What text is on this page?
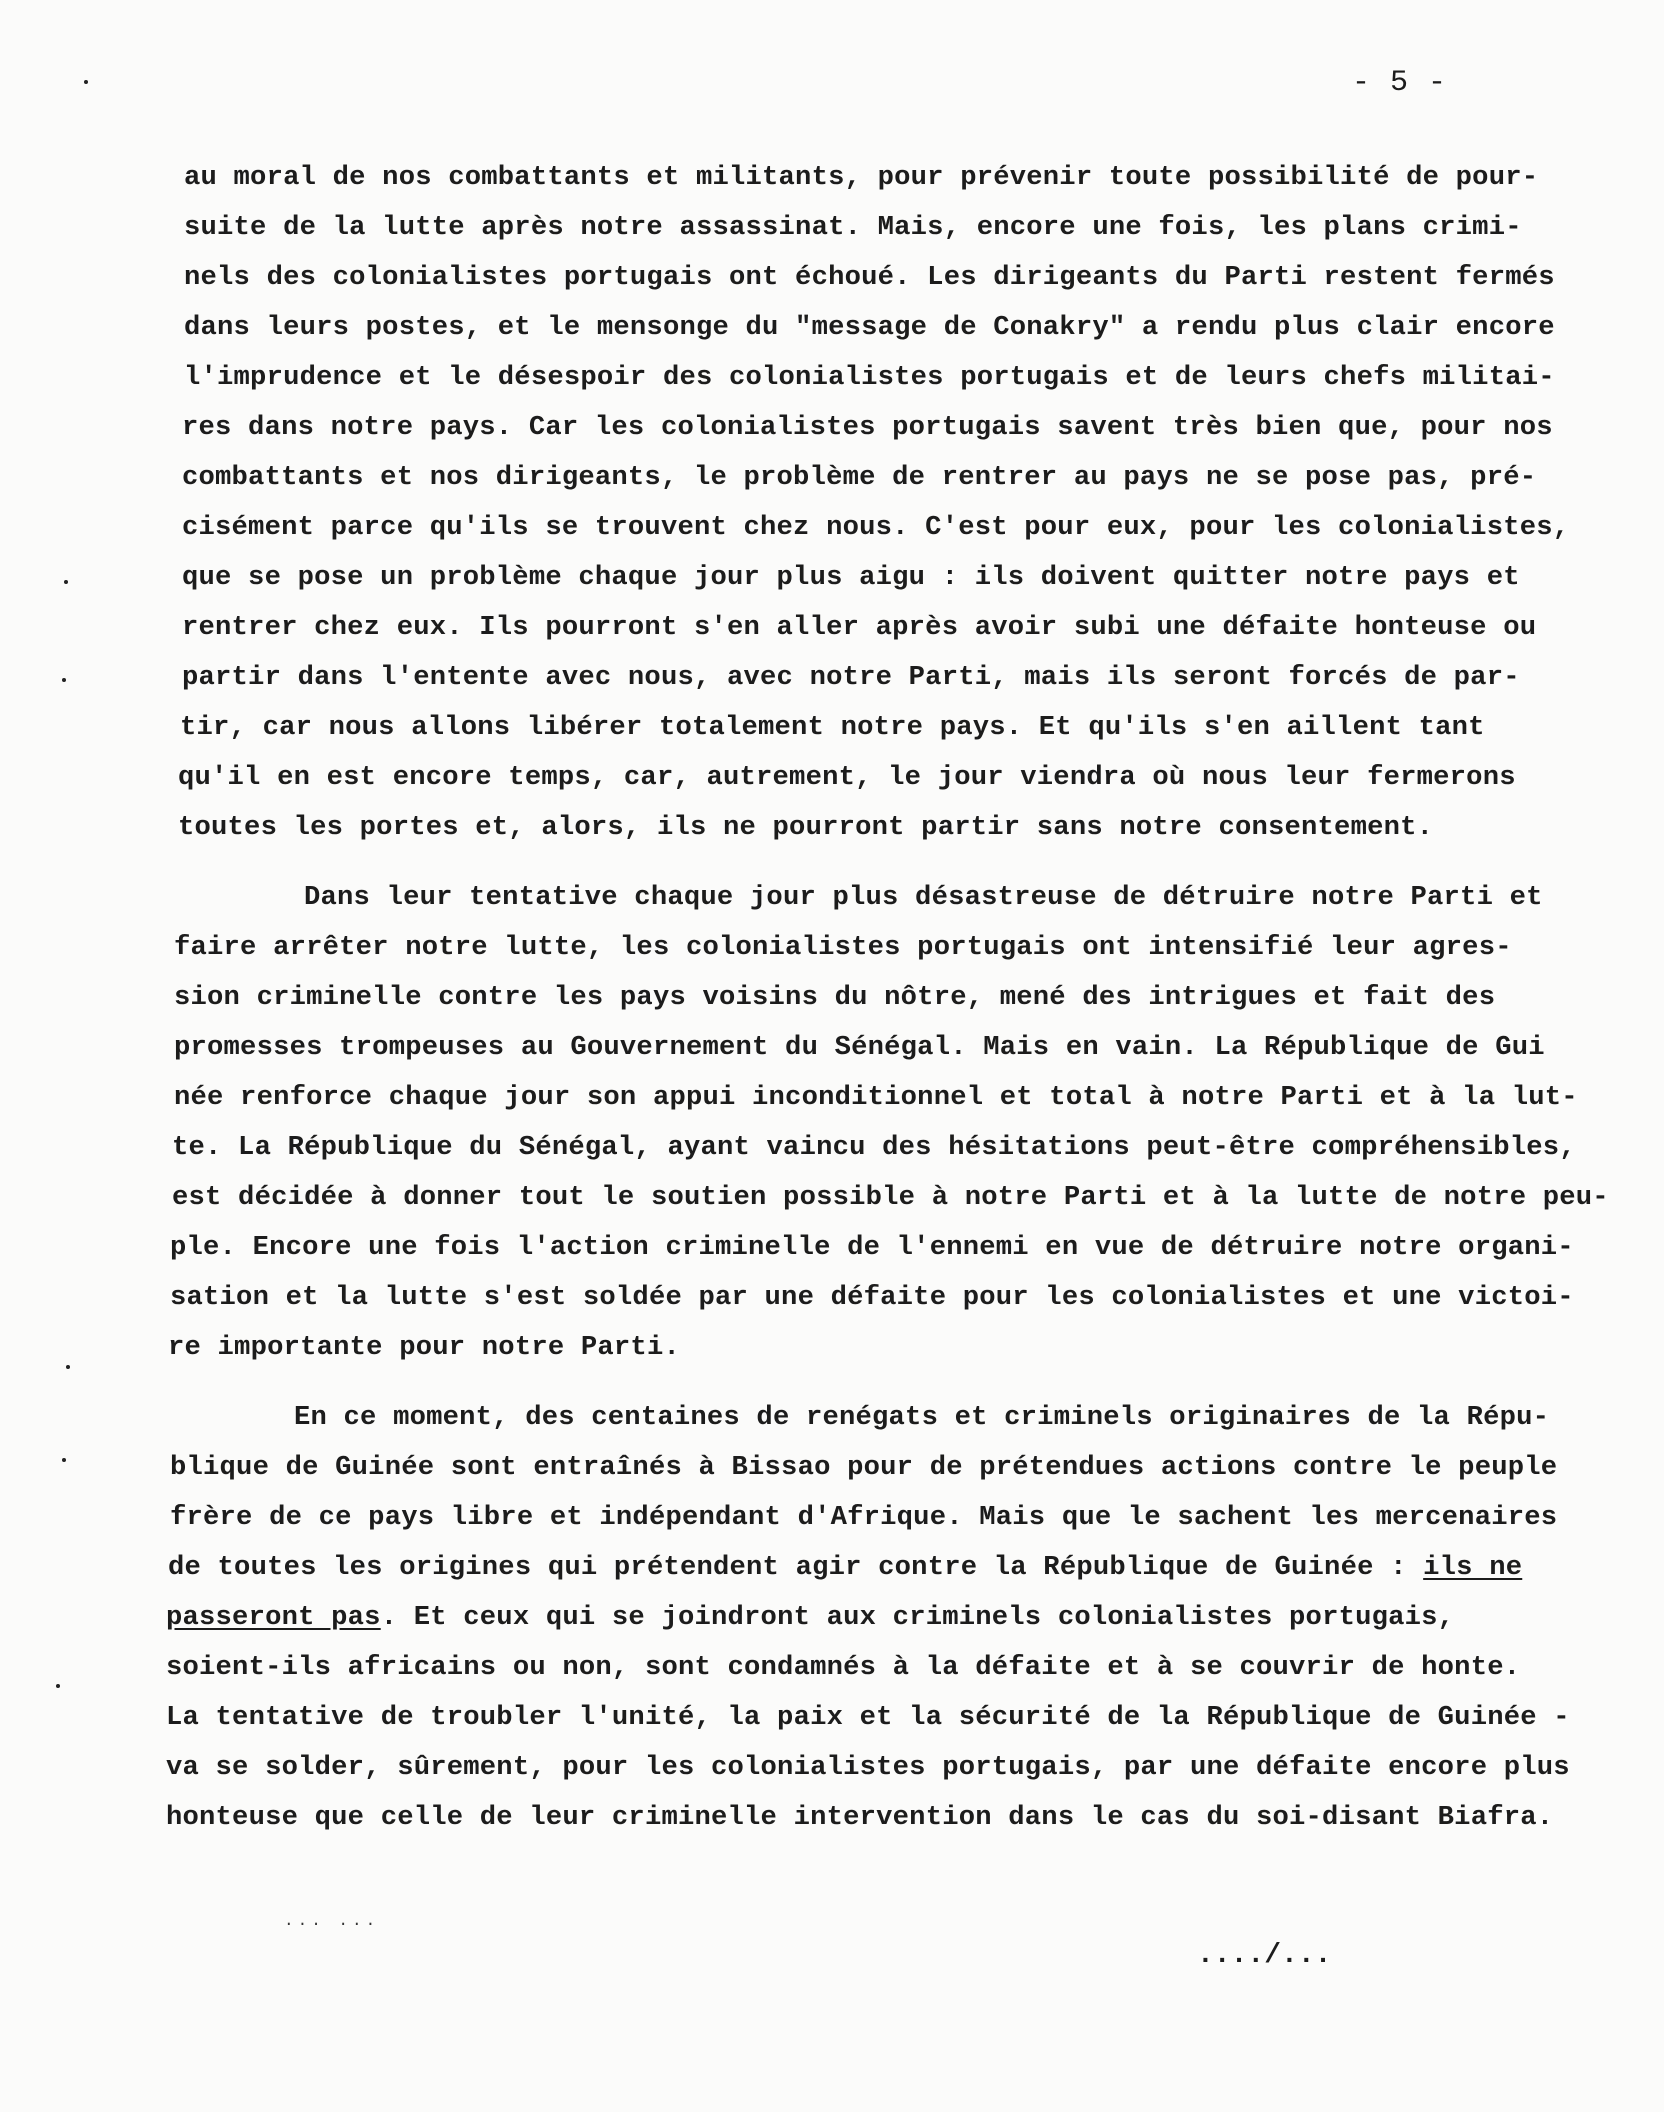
- 5 -
au moral de nos combattants et militants, pour prévenir toute possibilité de pour-
suite de la lutte après notre assassinat. Mais, encore une fois, les plans crimi-
nels des colonialistes portugais ont échoué. Les dirigeants du Parti restent fermés
dans leurs postes, et le mensonge du "message de Conakry" a rendu plus clair encore
l'imprudence et le désespoir des colonialistes portugais et de leurs chefs militai-
res dans notre pays. Car les colonialistes portugais savent très bien que, pour nos
combattants et nos dirigeants, le problème de rentrer au pays ne se pose pas, pré-
cisément parce qu'ils se trouvent chez nous. C'est pour eux, pour les colonialistes,
que se pose un problème chaque jour plus aigu : ils doivent quitter notre pays et
rentrer chez eux. Ils pourront s'en aller après avoir subi une défaite honteuse ou
partir dans l'entente avec nous, avec notre Parti, mais ils seront forcés de par-
tir, car nous allons libérer totalement notre pays. Et qu'ils s'en aillent tant
qu'il en est encore temps, car, autrement, le jour viendra où nous leur fermerons
toutes les portes et, alors, ils ne pourront partir sans notre consentement.
Dans leur tentative chaque jour plus désastreuse de détruire notre Parti et
faire arrêter notre lutte, les colonialistes portugais ont intensifié leur agres-
sion criminelle contre les pays voisins du nôtre, mené des intrigues et fait des
promesses trompeuses au Gouvernement du Sénégal. Mais en vain. La République de Gui
née renforce chaque jour son appui inconditionnel et total à notre Parti et à la lut-
te. La République du Sénégal, ayant vaincu des hésitations peut-être compréhensibles,
est décidée à donner tout le soutien possible à notre Parti et à la lutte de notre peu-
ple. Encore une fois l'action criminelle de l'ennemi en vue de détruire notre organi-
sation et la lutte s'est soldée par une défaite pour les colonialistes et une victoi-
re importante pour notre Parti.
En ce moment, des centaines de renégats et criminels originaires de la Répu-
blique de Guinée sont entraînés à Bissao pour de prétendues actions contre le peuple
frère de ce pays libre et indépendant d'Afrique. Mais que le sachent les mercenaires
de toutes les origines qui prétendent agir contre la République de Guinée : ils ne
passeront pas. Et ceux qui se joindront aux criminels colonialistes portugais,
soient-ils africains ou non, sont condamnés à la défaite et à se couvrir de honte.
La tentative de troubler l'unité, la paix et la sécurité de la République de Guinée -
va se solder, sûrement, pour les colonialistes portugais, par une défaite encore plus
honteuse que celle de leur criminelle intervention dans le cas du soi-disant Biafra.
..../...
... ...
